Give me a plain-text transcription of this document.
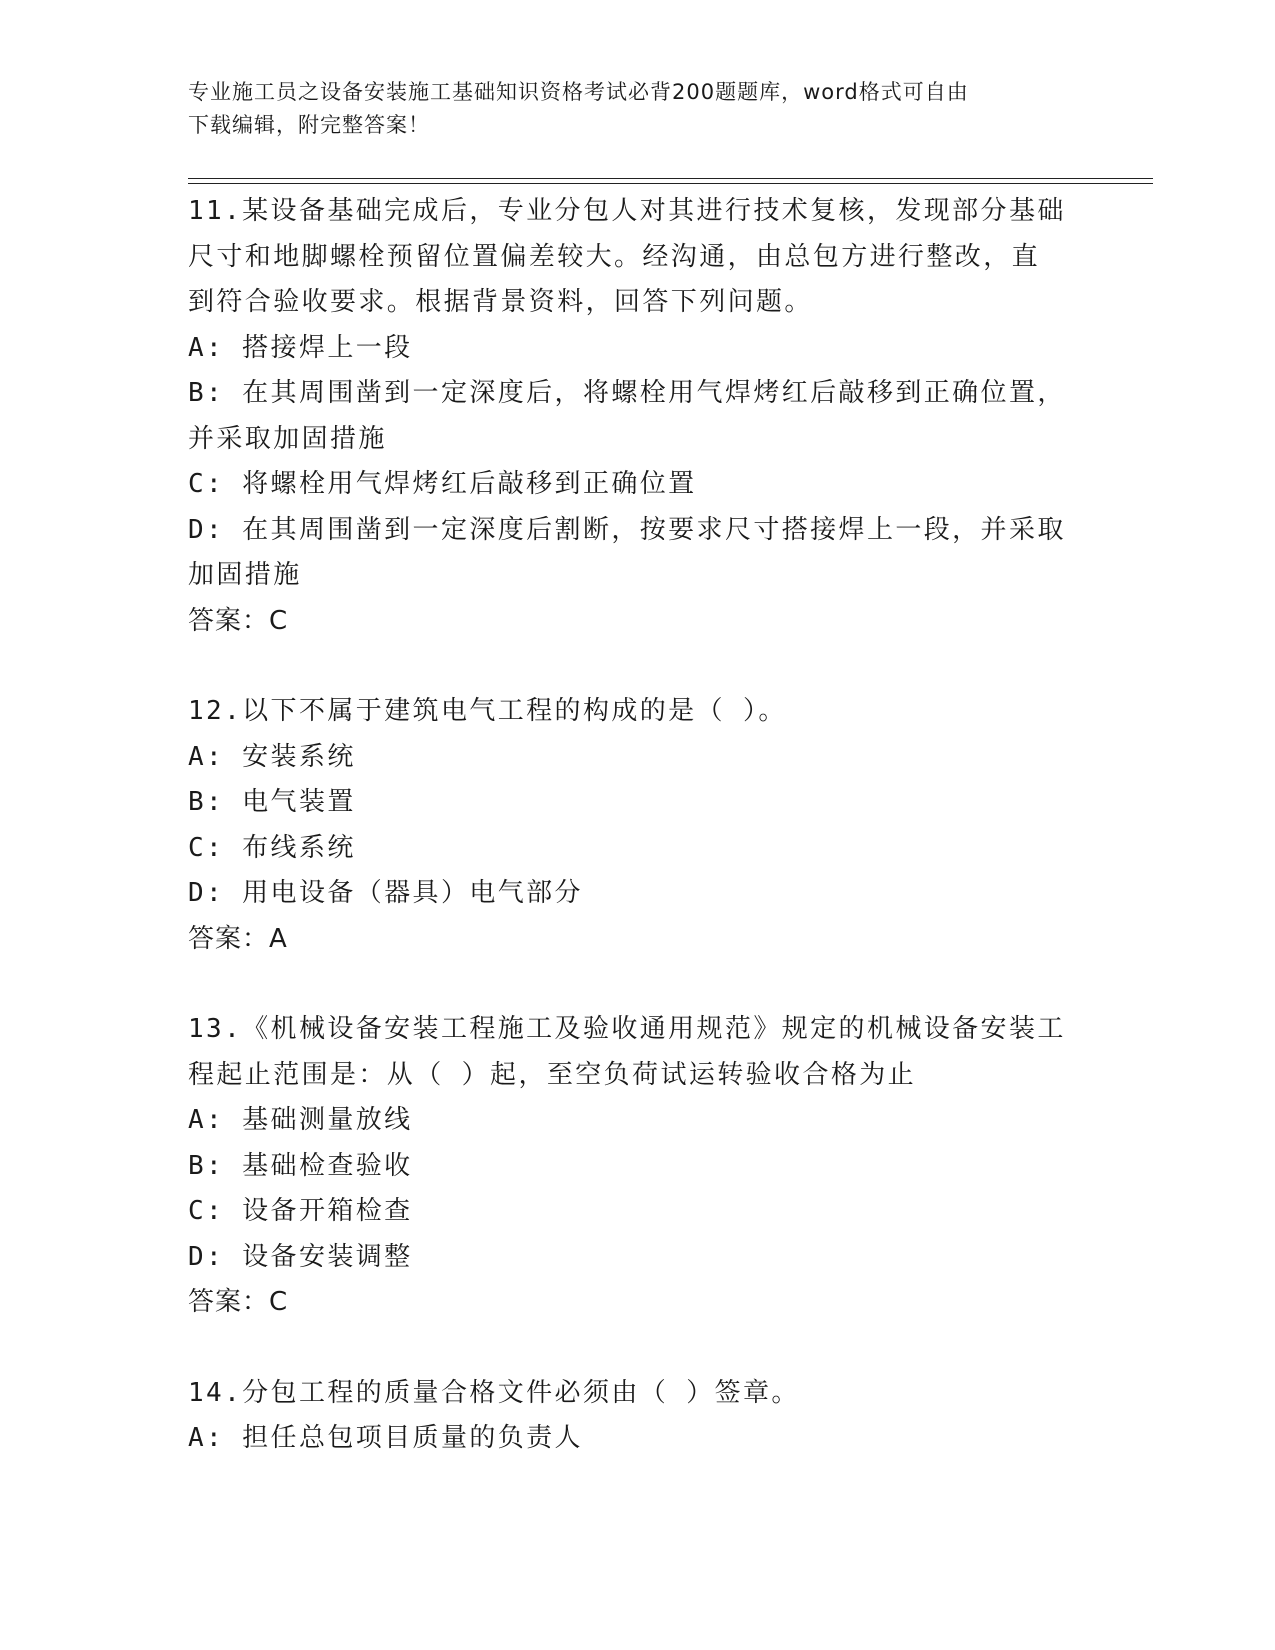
专业施工员之设备安装施工基础知识资格考试必背200题题库，word格式可自由
下载编辑，附完整答案！
11.某设备基础完成后，专业分包人对其进行技术复核，发现部分基础
尺寸和地脚螺栓预留位置偏差较大。经沟通，由总包方进行整改，直
到符合验收要求。根据背景资料，回答下列问题。
A: 搭接焊上一段
B: 在其周围凿到一定深度后，将螺栓用气焊烤红后敲移到正确位置，
并采取加固措施
C: 将螺栓用气焊烤红后敲移到正确位置
D: 在其周围凿到一定深度后割断，按要求尺寸搭接焊上一段，并采取
加固措施
答案：C
12.以下不属于建筑电气工程的构成的是（ ）。
A: 安装系统
B: 电气装置
C: 布线系统
D: 用电设备（器具）电气部分
答案：A
13.《机械设备安装工程施工及验收通用规范》规定的机械设备安装工
程起止范围是：从（ ）起，至空负荷试运转验收合格为止
A: 基础测量放线
B: 基础检查验收
C: 设备开箱检查
D: 设备安装调整
答案：C
14.分包工程的质量合格文件必须由（ ）签章。
A: 担任总包项目质量的负责人
